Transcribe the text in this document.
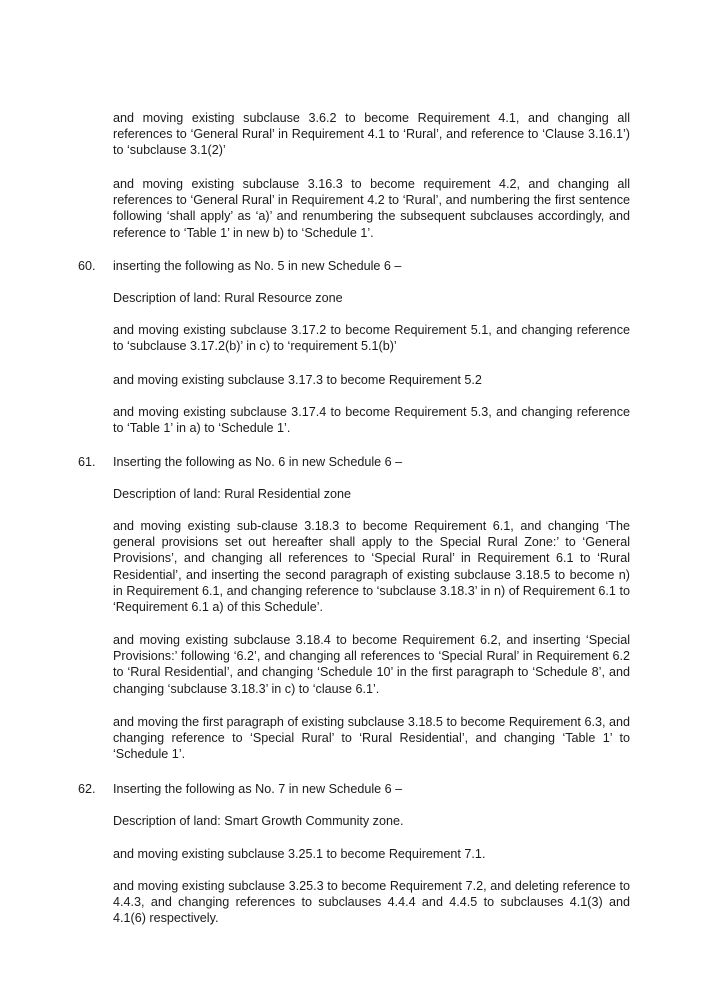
and moving existing subclause 3.6.2 to become Requirement 4.1, and changing all references to ‘General Rural’ in Requirement 4.1 to ‘Rural’, and reference to ‘Clause 3.16.1’) to ‘subclause 3.1(2)’

and moving existing subclause 3.16.3 to become requirement 4.2, and changing all references to ‘General Rural’ in Requirement 4.2 to ‘Rural’, and numbering the first sentence following ‘shall apply’ as ‘a)’ and renumbering the subsequent subclauses accordingly, and reference to ‘Table 1’ in new b) to ‘Schedule 1’.

60. inserting the following as No. 5 in new Schedule 6 –

Description of land: Rural Resource zone

and moving existing subclause 3.17.2 to become Requirement 5.1, and changing reference to ‘subclause 3.17.2(b)’ in c) to ‘requirement 5.1(b)’

and moving existing subclause 3.17.3 to become Requirement 5.2

and moving existing subclause 3.17.4 to become Requirement 5.3, and changing reference to ‘Table 1’ in a) to ‘Schedule 1’.

61. Inserting the following as No. 6 in new Schedule 6 –

Description of land: Rural Residential zone

and moving existing sub-clause 3.18.3 to become Requirement 6.1, and changing ‘The general provisions set out hereafter shall apply to the Special Rural Zone:’ to ‘General Provisions’, and changing all references to ‘Special Rural’ in Requirement 6.1 to ‘Rural Residential’, and inserting the second paragraph of existing subclause 3.18.5 to become n) in Requirement 6.1, and changing reference to ‘subclause 3.18.3’ in n) of Requirement 6.1 to ‘Requirement 6.1 a) of this Schedule’.

and moving existing subclause 3.18.4 to become Requirement 6.2, and inserting ‘Special Provisions:’ following ‘6.2’, and changing all references to ‘Special Rural’ in Requirement 6.2 to ‘Rural Residential’, and changing ‘Schedule 10’ in the first paragraph to ‘Schedule 8’, and changing ‘subclause 3.18.3’ in c) to ‘clause 6.1’.

and moving the first paragraph of existing subclause 3.18.5 to become Requirement 6.3, and changing reference to ‘Special Rural’ to ‘Rural Residential’, and changing ‘Table 1’ to ‘Schedule 1’.

62. Inserting the following as No. 7 in new Schedule 6 –

Description of land: Smart Growth Community zone.

and moving existing subclause 3.25.1 to become Requirement 7.1.

and moving existing subclause 3.25.3 to become Requirement 7.2, and deleting reference to 4.4.3, and changing references to subclauses 4.4.4 and 4.4.5 to subclauses 4.1(3) and 4.1(6) respectively.
